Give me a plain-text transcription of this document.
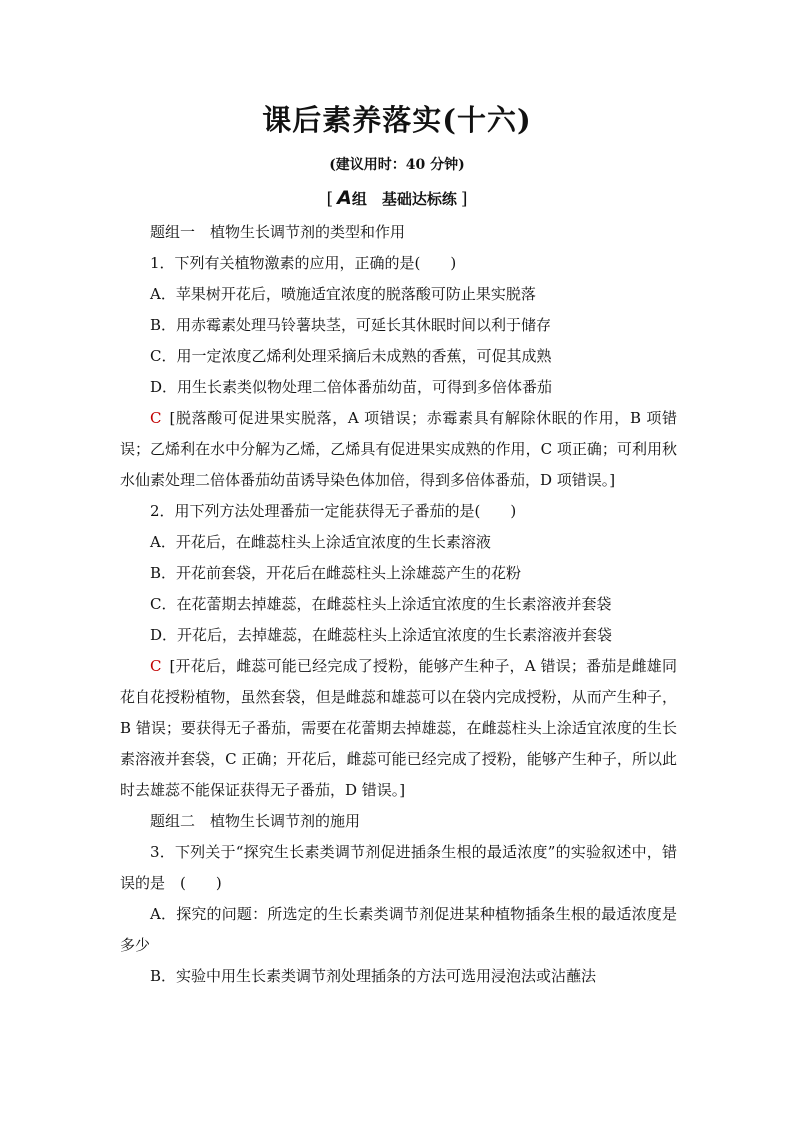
课后素养落实(十六)
(建议用时：40 分钟)
[ A组　基础达标练 ]

题组一　植物生长调节剂的类型和作用

1．下列有关植物激素的应用，正确的是(　　)

A．苹果树开花后，喷施适宜浓度的脱落酸可防止果实脱落

B．用赤霉素处理马铃薯块茎，可延长其休眠时间以利于储存

C．用一定浓度乙烯利处理采摘后未成熟的香蕉，可促其成熟

D．用生长素类似物处理二倍体番茄幼苗，可得到多倍体番茄

C [脱落酸可促进果实脱落，A 项错误；赤霉素具有解除休眠的作用，B 项错误；乙烯利在水中分解为乙烯，乙烯具有促进果实成熟的作用，C 项正确；可利用秋水仙素处理二倍体番茄幼苗诱导染色体加倍，得到多倍体番茄，D 项错误。]

2．用下列方法处理番茄一定能获得无子番茄的是(　　)

A．开花后，在雌蕊柱头上涂适宜浓度的生长素溶液

B．开花前套袋，开花后在雌蕊柱头上涂雄蕊产生的花粉

C．在花蕾期去掉雄蕊，在雌蕊柱头上涂适宜浓度的生长素溶液并套袋

D．开花后，去掉雄蕊，在雌蕊柱头上涂适宜浓度的生长素溶液并套袋

C [开花后，雌蕊可能已经完成了授粉，能够产生种子，A 错误；番茄是雌雄同花自花授粉植物，虽然套袋，但是雌蕊和雄蕊可以在袋内完成授粉，从而产生种子，B 错误；要获得无子番茄，需要在花蕾期去掉雄蕊，在雌蕊柱头上涂适宜浓度的生长素溶液并套袋，C 正确；开花后，雌蕊可能已经完成了授粉，能够产生种子，所以此时去雄蕊不能保证获得无子番茄，D 错误。]

题组二　植物生长调节剂的施用

3．下列关于“探究生长素类调节剂促进插条生根的最适浓度”的实验叙述中，错误的是　(　　)

A．探究的问题：所选定的生长素类调节剂促进某种植物插条生根的最适浓度是多少

B．实验中用生长素类调节剂处理插条的方法可选用浸泡法或沾蘸法
